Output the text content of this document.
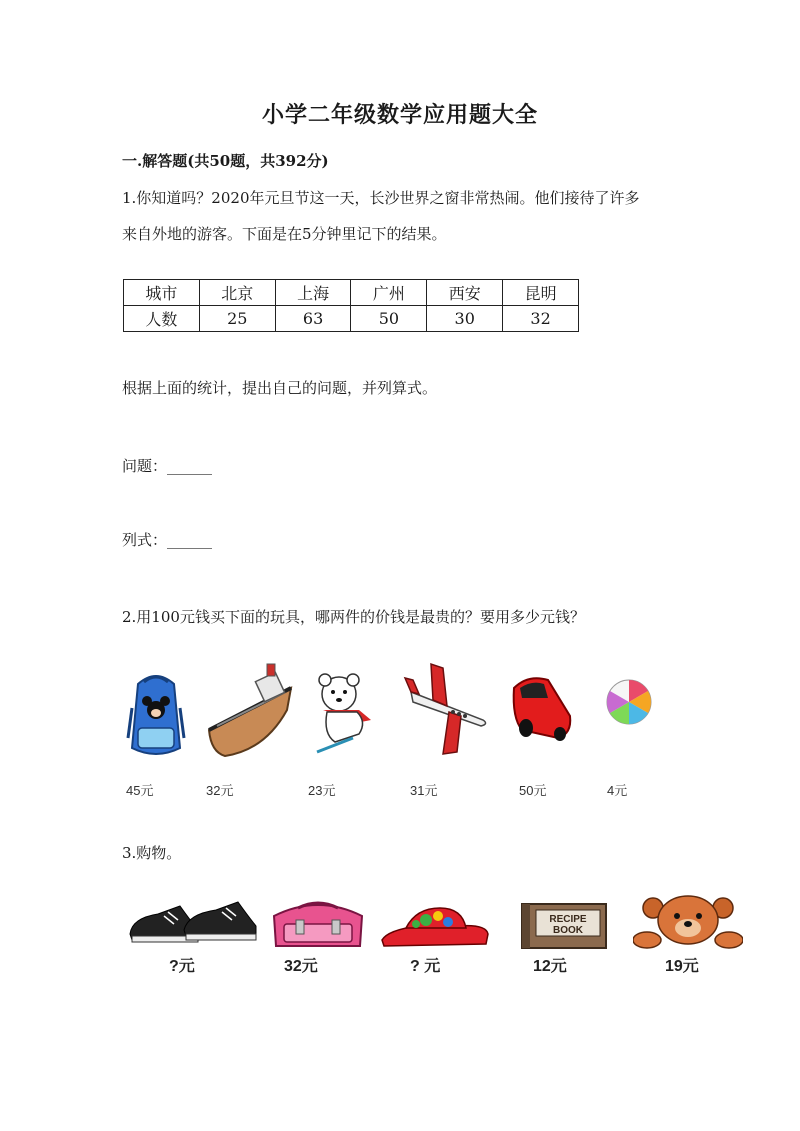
小学二年级数学应用题大全
一.解答题(共50题，共392分)
1.你知道吗？2020年元旦节这一天，长沙世界之窗非常热闹。他们接待了许多
来自外地的游客。下面是在5分钟里记下的结果。
城市	北京	上海	广州	西安	昆明
人数	25	63	50	30	32
根据上面的统计，提出自己的问题，并列算式。
问题：______
列式：______
2.用100元钱买下面的玩具，哪两件的价钱是最贵的？要用多少元钱？
45元	32元	23元	31元	50元	4元
3.购物。
RECIPE
BOOK
?元	32元	? 元	12元	19元
